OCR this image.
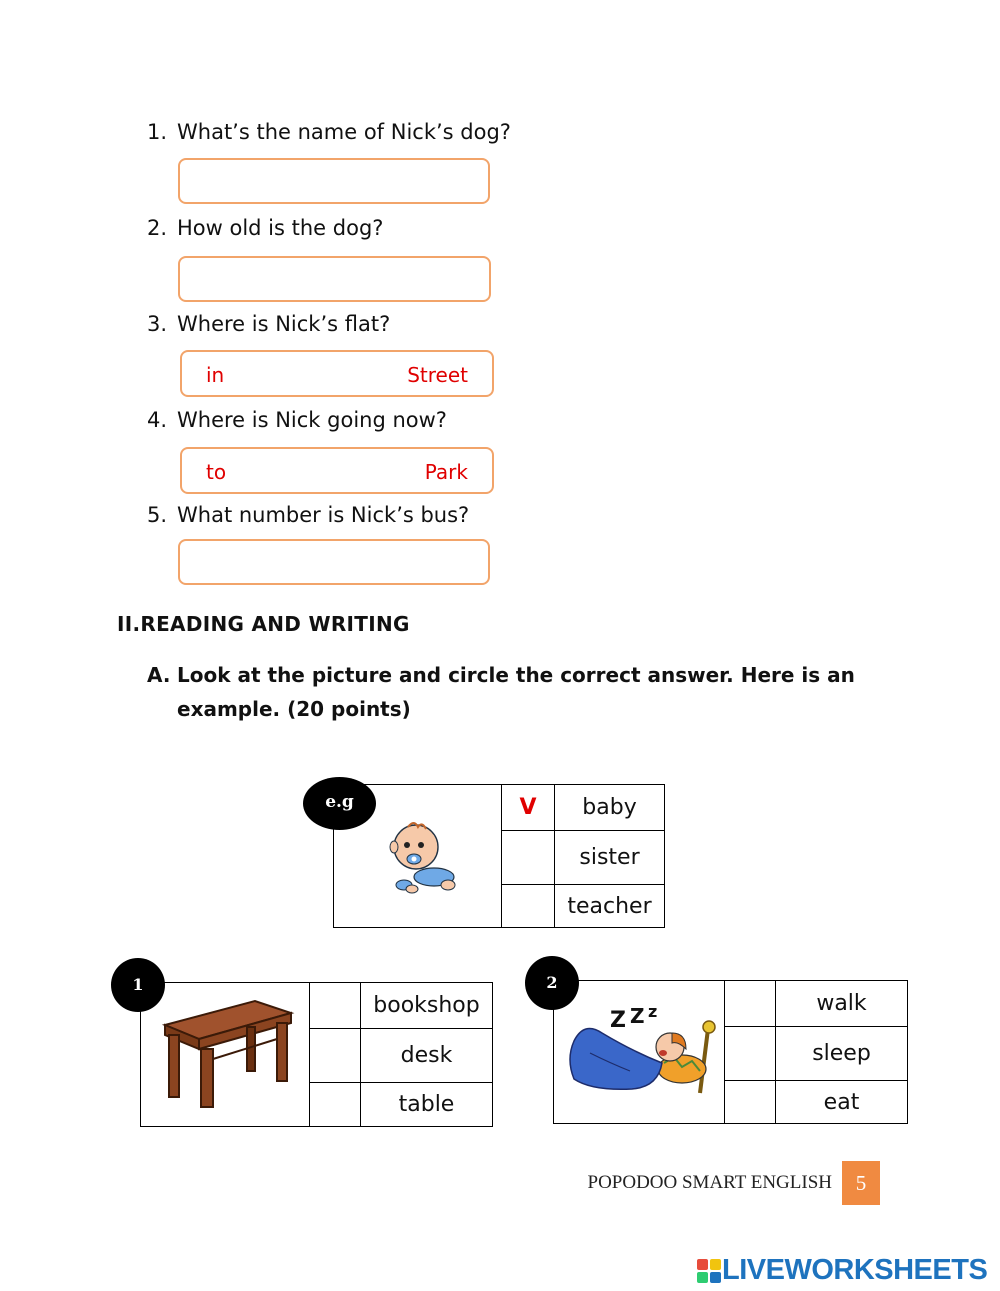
1. What’s the name of Nick’s dog?
2. How old is the dog?
3. Where is Nick’s flat?
in	Street
4. Where is Nick going now?
to	Park
5. What number is Nick’s bus?
II.READING AND WRITING
A. Look at the picture and circle the correct answer. Here is an
example. (20 points)
	V	baby
		sister
		teacher
e.g
		bookshop
		desk
		table
1
Z Z z		walk
		sleep
		eat
2
POPODOO SMART ENGLISH	5
LIVEWORKSHEETS
